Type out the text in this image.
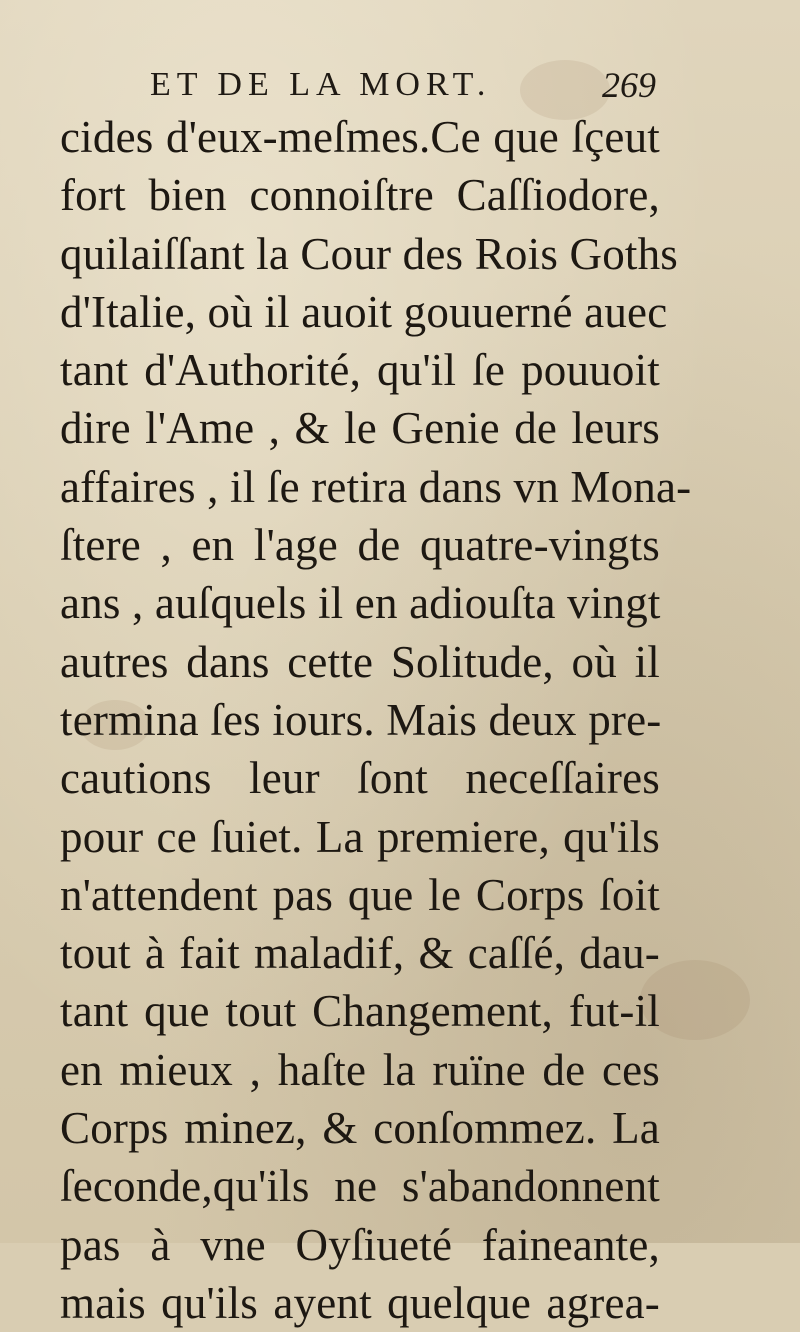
ET DE LA MORT.	269
cides d'eux-meſmes.Ce que ſçeut
fort bien connoiſtre Caſſiodore,
quilaiſſant la Cour des Rois Goths
d'Italie, où il auoit gouuerné auec
tant d'Authorité, qu'il ſe pouuoit
dire l'Ame , & le Genie de leurs
affaires , il ſe retira dans vn Mona-
ſtere , en l'age de quatre-vingts
ans , auſquels il en adiouſta vingt
autres dans cette Solitude, où il
termina ſes iours. Mais deux pre-
cautions leur ſont neceſſaires
pour ce ſuiet. La premiere, qu'ils
n'attendent pas que le Corps ſoit
tout à fait maladif, & caſſé, dau-
tant que tout Changement, fut-il
en mieux , haſte la ruïne de ces
Corps minez, & conſommez. La
ſeconde,qu'ils ne s'abandonnent
pas à vne Oyſiueté faineante,
mais qu'ils ayent quelque agrea-
